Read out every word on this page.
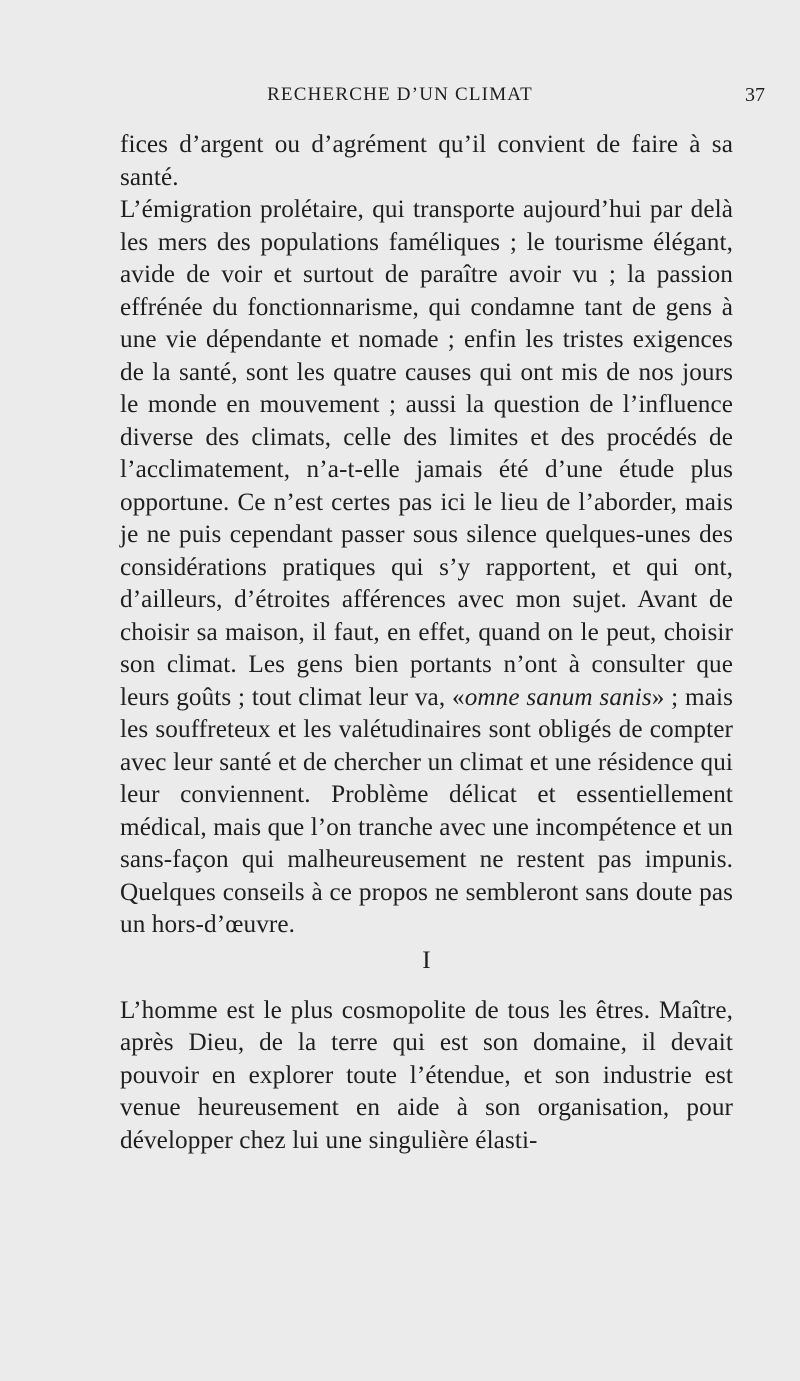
RECHERCHE D’UN CLIMAT	37

fices d’argent ou d’agrément qu’il convient de faire à sa santé.

L’émigration prolétaire, qui transporte aujourd’hui par delà les mers des populations faméliques ; le tourisme élégant, avide de voir et surtout de paraître avoir vu ; la passion effrénée du fonctionnarisme, qui condamne tant de gens à une vie dépendante et nomade ; enfin les tristes exigences de la santé, sont les quatre causes qui ont mis de nos jours le monde en mouvement ; aussi la question de l’influence diverse des climats, celle des limites et des procédés de l’acclimatement, n’a-t-elle jamais été d’une étude plus opportune. Ce n’est certes pas ici le lieu de l’aborder, mais je ne puis cependant passer sous silence quelques-unes des considérations pratiques qui s’y rapportent, et qui ont, d’ailleurs, d’étroites afférences avec mon sujet. Avant de choisir sa maison, il faut, en effet, quand on le peut, choisir son climat. Les gens bien portants n’ont à consulter que leurs goûts ; tout climat leur va, «omne sanum sanis» ; mais les souffreteux et les valétudinaires sont obligés de compter avec leur santé et de chercher un climat et une résidence qui leur conviennent. Problème délicat et essentiellement médical, mais que l’on tranche avec une incompétence et un sans-façon qui malheureusement ne restent pas impunis. Quelques conseils à ce propos ne sembleront sans doute pas un hors-d’œuvre.

I

L’homme est le plus cosmopolite de tous les êtres. Maître, après Dieu, de la terre qui est son domaine, il devait pouvoir en explorer toute l’étendue, et son industrie est venue heureusement en aide à son organisation, pour développer chez lui une singulière élasti-
